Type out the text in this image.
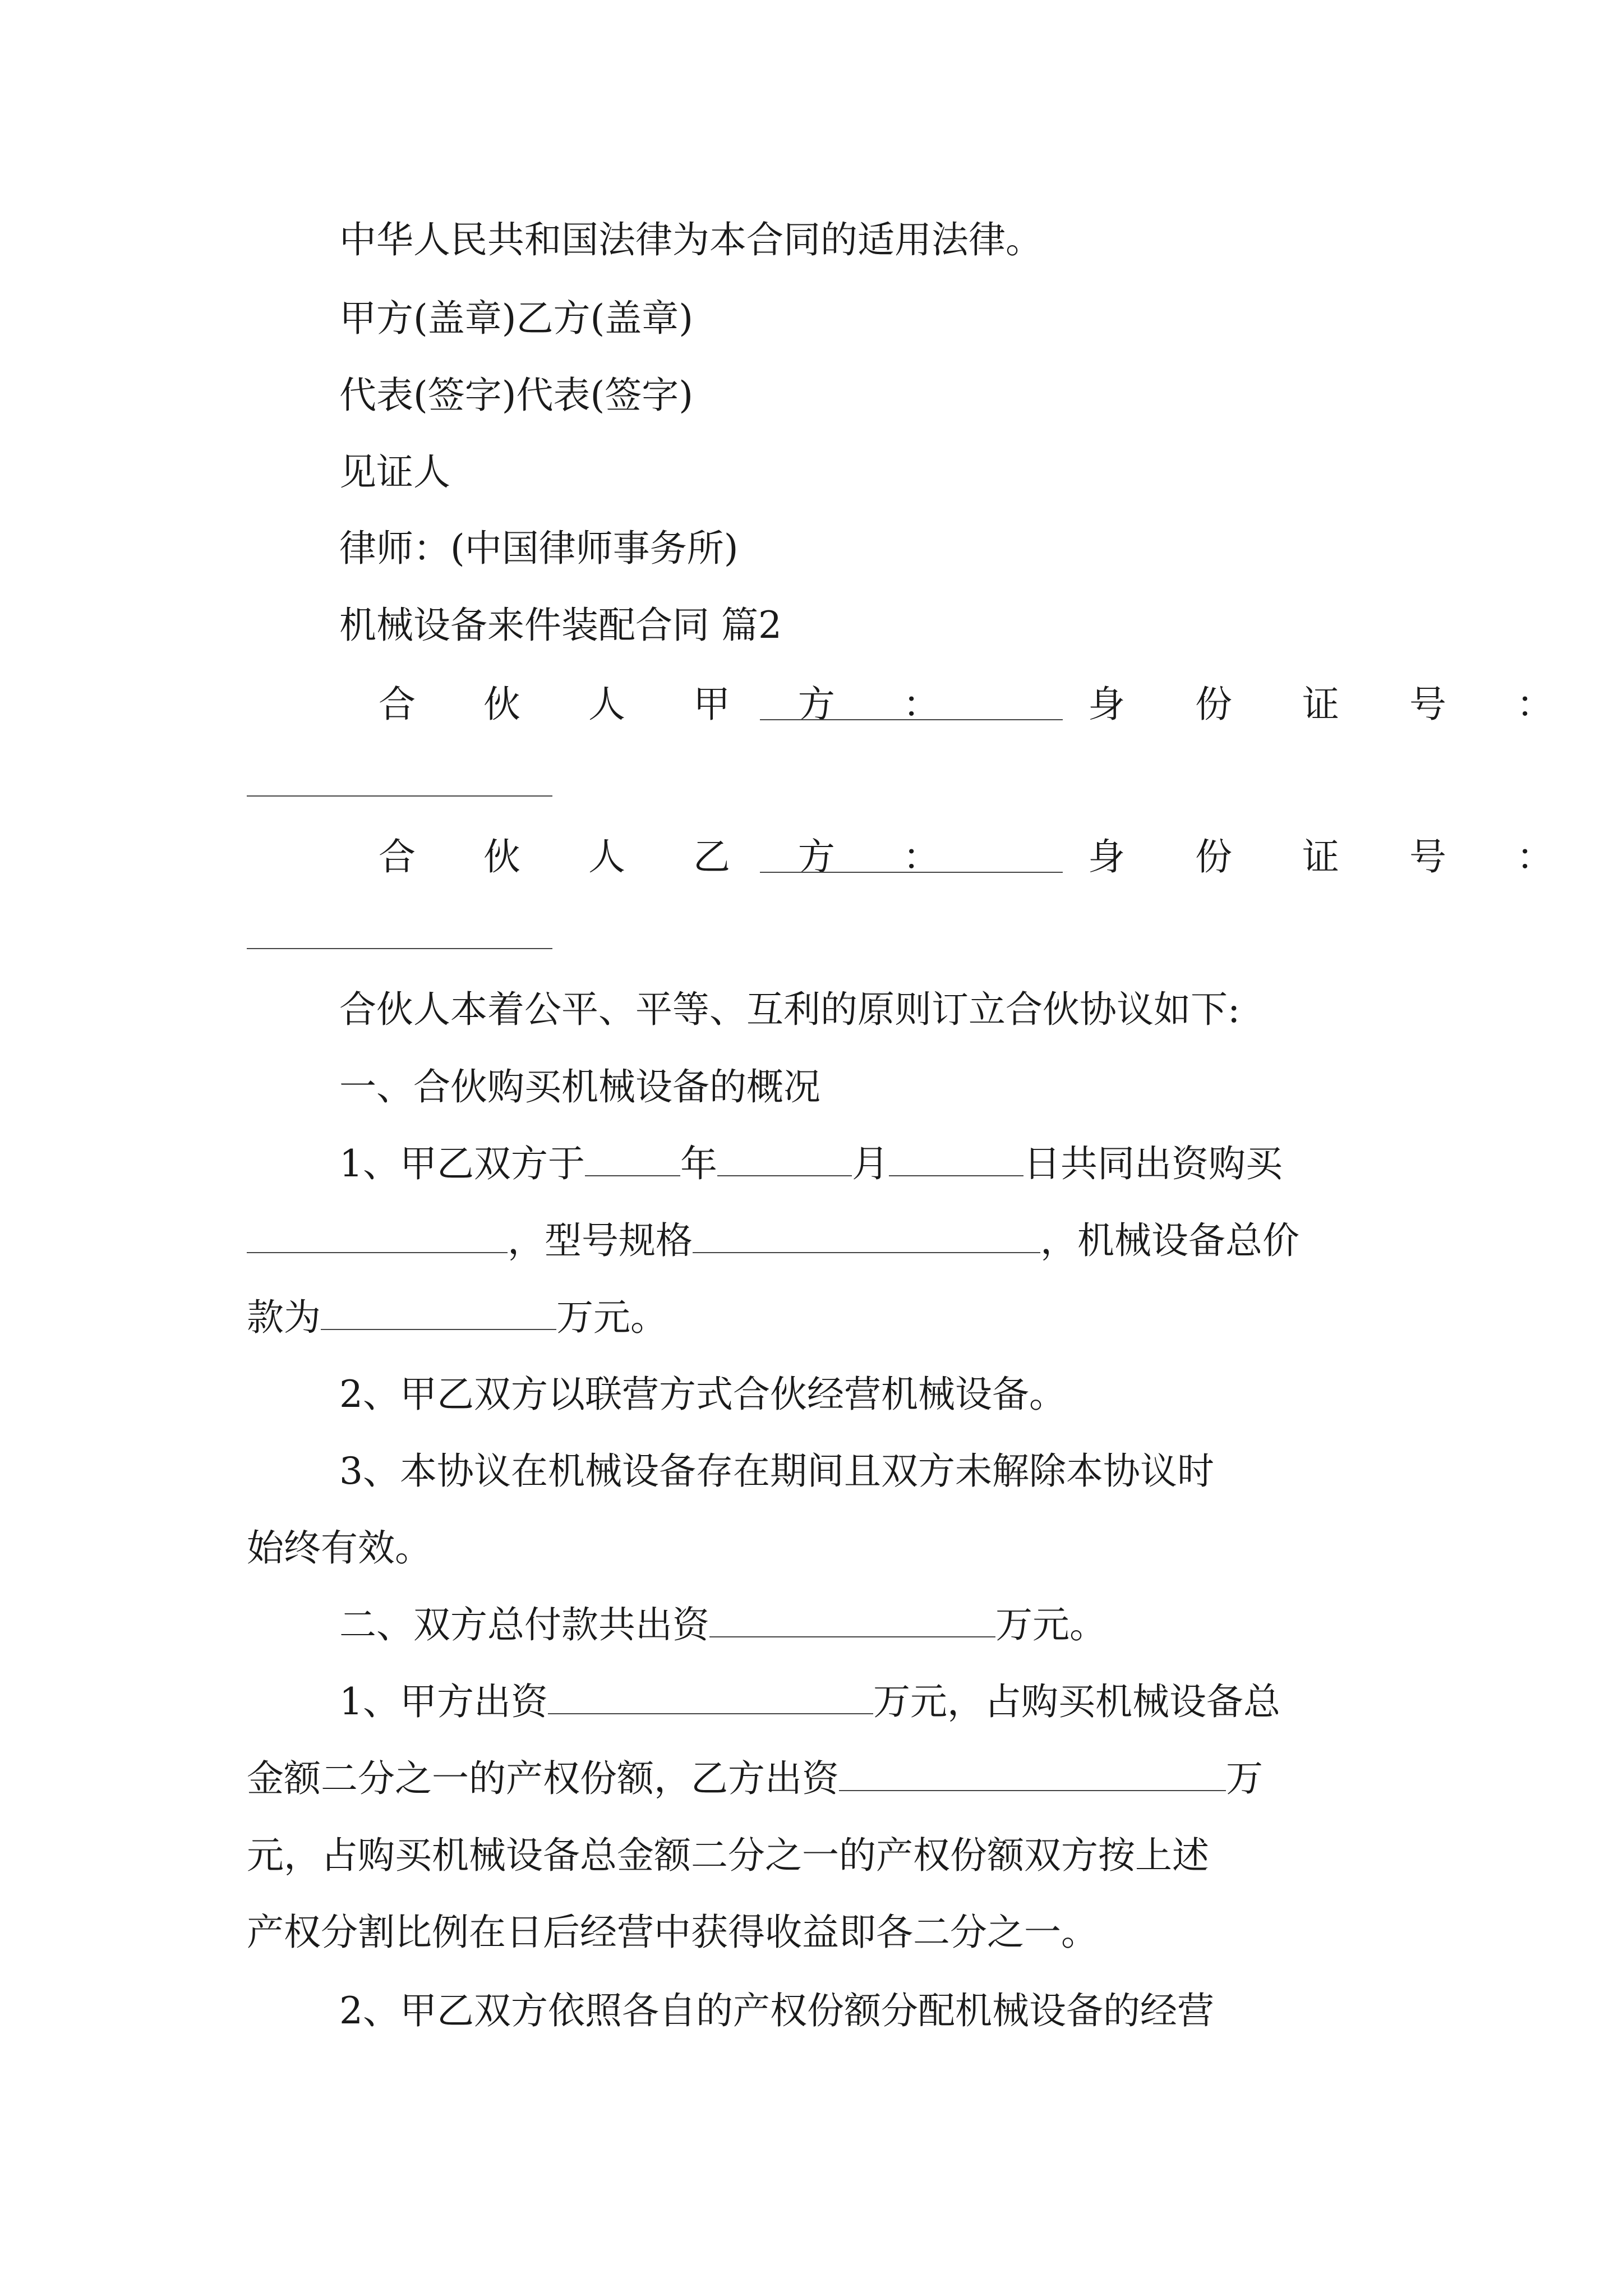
中华人民共和国法律为本合同的适用法律。
甲方(盖章)乙方(盖章)
代表(签字)代表(签字)
见证人
律师：(中国律师事务所)
机械设备来件装配合同 篇2
合 伙 人 甲 方 ：	身 份 证 号 ：
合 伙 人 乙 方 ：	身 份 证 号 ：
合伙人本着公平、平等、互利的原则订立合伙协议如下:
一、合伙购买机械设备的概况
1、甲乙双方于	年	月	日共同出资购买
，型号规格	，机械设备总价
款为	万元。
2、甲乙双方以联营方式合伙经营机械设备。
3、本协议在机械设备存在期间且双方未解除本协议时
始终有效。
二、双方总付款共出资	万元。
1、甲方出资	万元，占购买机械设备总
金额二分之一的产权份额，乙方出资	万
元，占购买机械设备总金额二分之一的产权份额双方按上述
产权分割比例在日后经营中获得收益即各二分之一。
2、甲乙双方依照各自的产权份额分配机械设备的经营
